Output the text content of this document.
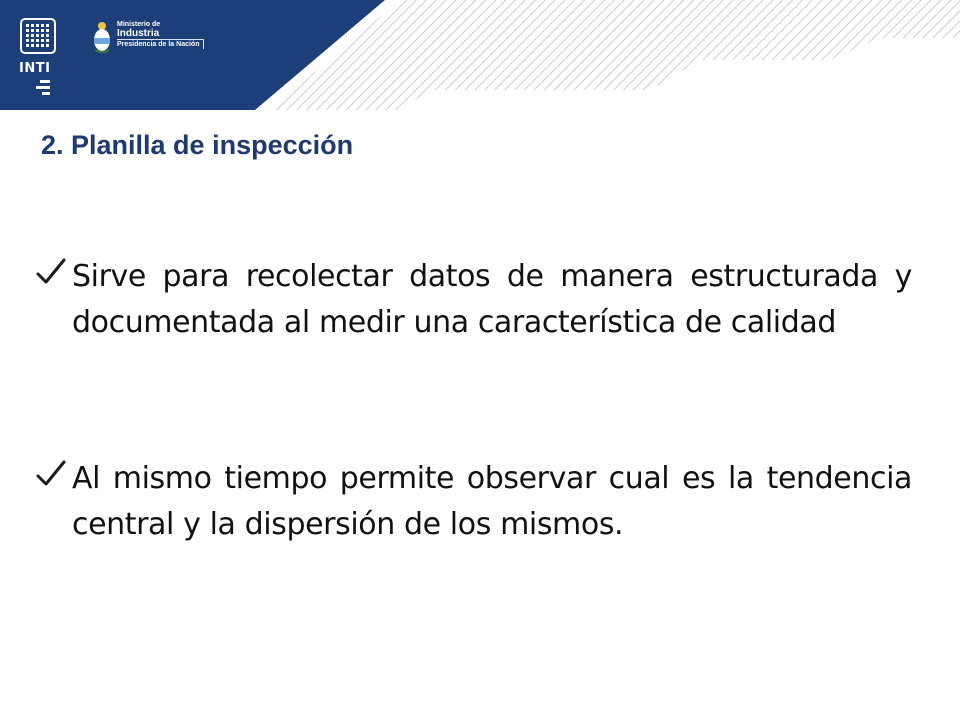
INTI
Ministerio de
Industria
Presidencia de la Nación
2. Planilla de inspección
Sirve para recolectar datos de manera estructurada y documentada al medir una característica de calidad
Al mismo tiempo permite observar cual es la tendencia central y la dispersión de los mismos.
